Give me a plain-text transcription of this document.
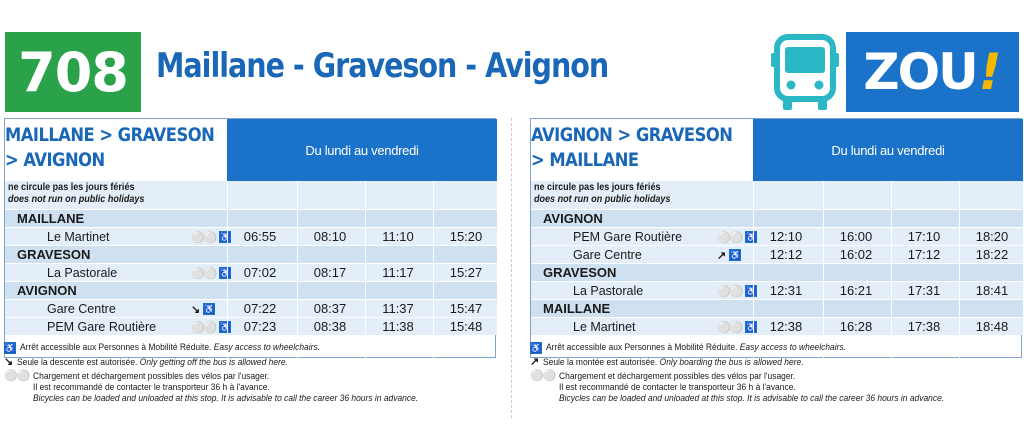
708 Maillane - Graveson - Avignon	ZOU !
MAILLANE > GRAVESON
> AVIGNON	Du lundi au vendredi
ne circule pas les jours fériés
does not run on public holidays
MAILLANE
Le Martinet	⚪⚪ ♿ 06:55	08:10	11:10	15:20
GRAVESON
La Pastorale	⚪⚪ ♿ 07:02	08:17	11:17	15:27
AVIGNON
Gare Centre	↘ ♿	07:22	08:37	11:37	15:47
PEM Gare Routière	⚪⚪ ♿ 07:23	08:38	11:38	15:48
AVIGNON > GRAVESON
> MAILLANE	Du lundi au vendredi
ne circule pas les jours fériés
does not run on public holidays
AVIGNON
PEM Gare Routière	⚪⚪ ♿ 12:10	16:00	17:10	18:20
Gare Centre	↗ ♿	12:12	16:02	17:12	18:22
GRAVESON
La Pastorale	⚪⚪ ♿ 12:31	16:21	17:31	18:41
MAILLANE
Le Martinet	⚪⚪ ♿ 12:38	16:28	17:38	18:48
♿ Arrêt accessible aux Personnes à Mobilité Réduite. Easy access to wheelchairs.
↘ Seule la descente est autorisée. Only getting off the bus is allowed here.
⚪⚪ Chargement et déchargement possibles des vélos par l'usager.
Il est recommandé de contacter le transporteur 36 h à l'avance.
Bicycles can be loaded and unloaded at this stop. It is advisable to call the career 36 hours in advance.
♿ Arrêt accessible aux Personnes à Mobilité Réduite. Easy access to wheelchairs.
↗ Seule la montée est autorisée. Only boarding the bus is allowed here.
⚪⚪ Chargement et déchargement possibles des vélos par l'usager.
Il est recommandé de contacter le transporteur 36 h à l'avance.
Bicycles can be loaded and unloaded at this stop. It is advisable to call the career 36 hours in advance.
